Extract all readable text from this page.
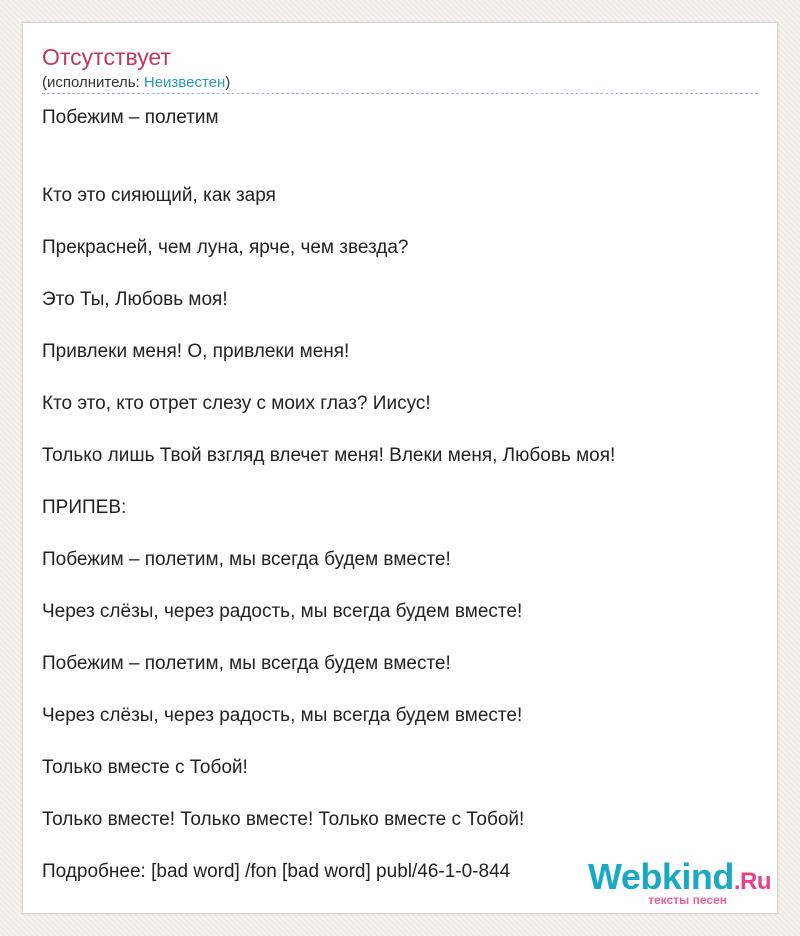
Отсутствует
(исполнитель: Неизвестен)
Побежим – полетим
Кто это сияющий, как заря
Прекрасней, чем луна, ярче, чем звезда?
Это Ты, Любовь моя!
Привлеки меня! О, привлеки меня!
Кто это, кто отрет слезу с моих глаз? Иисус!
Только лишь Твой взгляд влечет меня! Влеки меня, Любовь моя!
ПРИПЕВ:
Побежим – полетим, мы всегда будем вместе!
Через слёзы, через радость, мы всегда будем вместе!
Побежим – полетим, мы всегда будем вместе!
Через слёзы, через радость, мы всегда будем вместе!
Только вместе с Тобой!
Только вместе! Только вместе! Только вместе с Тобой!
Подробнее: [bad word] /fon [bad word] publ/46-1-0-844 Webkind.Ru
тексты песен
